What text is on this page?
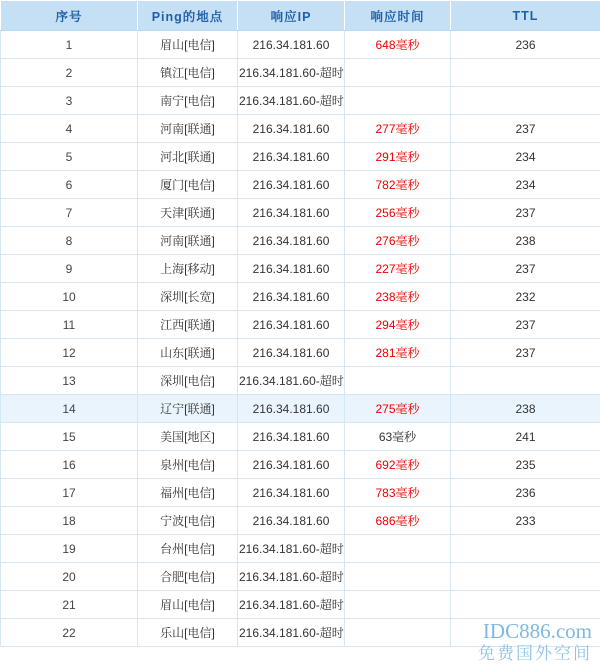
序号	Ping的地点	响应IP	响应时间	TTL
1	眉山[电信]	216.34.181.60	648毫秒	236
2	镇江[电信]	216.34.181.60-超时		
3	南宁[电信]	216.34.181.60-超时		
4	河南[联通]	216.34.181.60	277毫秒	237
5	河北[联通]	216.34.181.60	291毫秒	234
6	厦门[电信]	216.34.181.60	782毫秒	234
7	天津[联通]	216.34.181.60	256毫秒	237
8	河南[联通]	216.34.181.60	276毫秒	238
9	上海[移动]	216.34.181.60	227毫秒	237
10	深圳[长宽]	216.34.181.60	238毫秒	232
11	江西[联通]	216.34.181.60	294毫秒	237
12	山东[联通]	216.34.181.60	281毫秒	237
13	深圳[电信]	216.34.181.60-超时		
14	辽宁[联通]	216.34.181.60	275毫秒	238
15	美国[地区]	216.34.181.60	63毫秒	241
16	泉州[电信]	216.34.181.60	692毫秒	235
17	福州[电信]	216.34.181.60	783毫秒	236
18	宁波[电信]	216.34.181.60	686毫秒	233
19	台州[电信]	216.34.181.60-超时		
20	合肥[电信]	216.34.181.60-超时		
21	眉山[电信]	216.34.181.60-超时		
22	乐山[电信]	216.34.181.60-超时			IDC886.com
免费国外空间
